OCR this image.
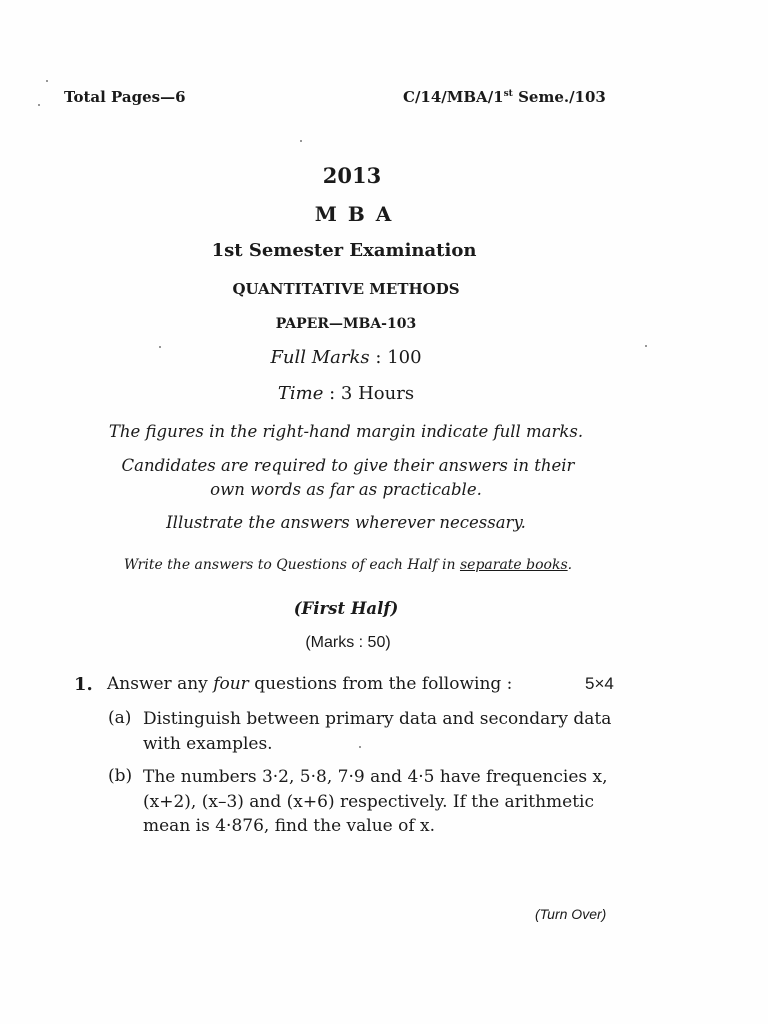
Total Pages—6	C/14/MBA/1st Seme./103
2013
M B A
1st Semester Examination
QUANTITATIVE METHODS
PAPER—MBA-103
Full Marks : 100
Time : 3 Hours
The figures in the right-hand margin indicate full marks.
Candidates are required to give their answers in their
own words as far as practicable.
Illustrate the answers wherever necessary.
Write the answers to Questions of each Half in separate books.
(First Half)
(Marks : 50)
1. Answer any four questions from the following :	5×4
(a) Distinguish between primary data and secondary data with examples.
(b) The numbers 3·2, 5·8, 7·9 and 4·5 have frequencies x, (x+2), (x–3) and (x+6) respectively. If the arithmetic mean is 4·876, find the value of x.
(Turn Over)
